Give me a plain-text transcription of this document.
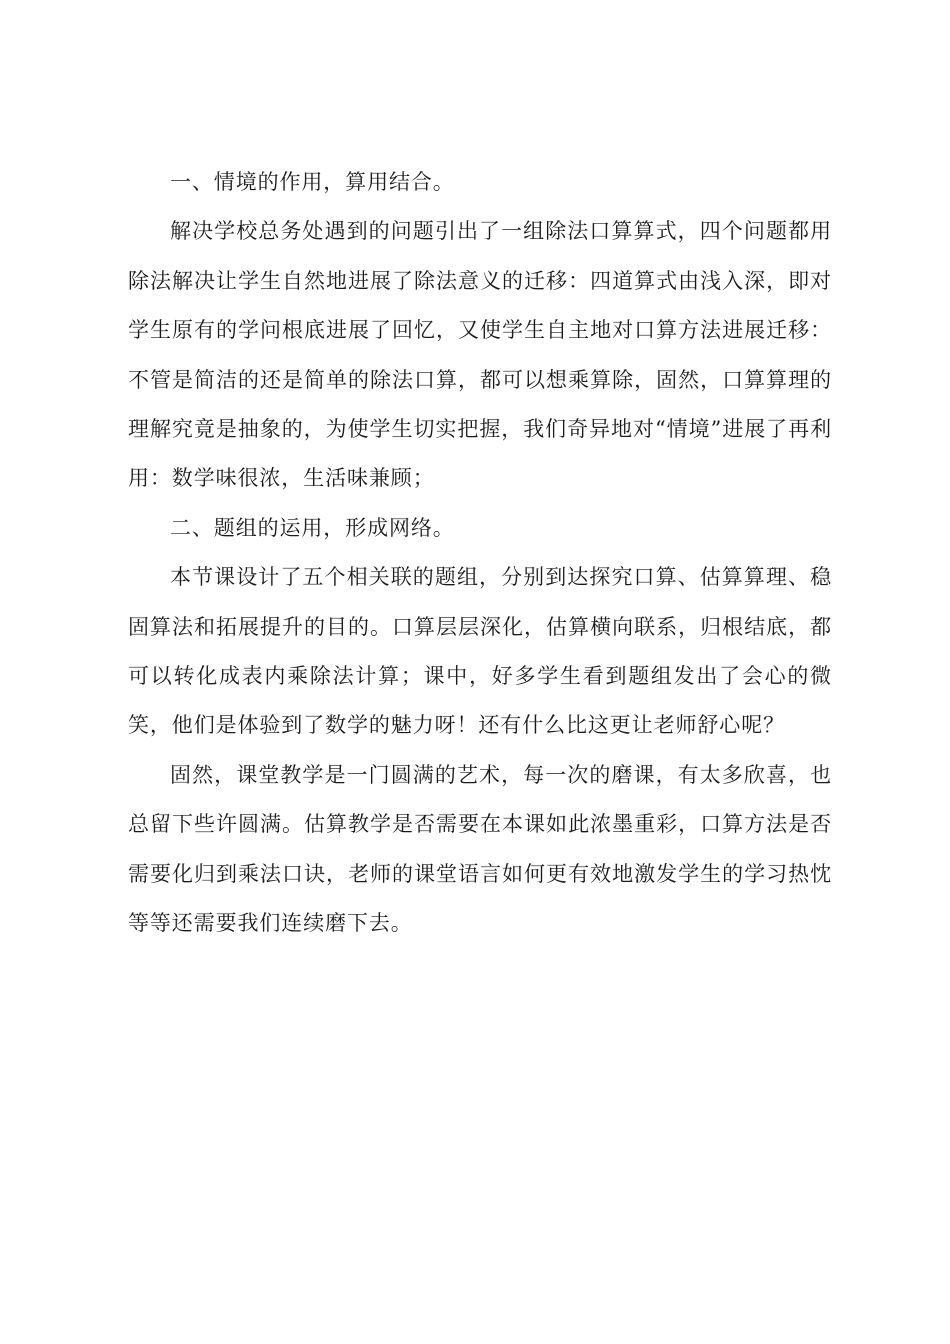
一、情境的作用，算用结合。

解决学校总务处遇到的问题引出了一组除法口算算式，四个问题都用除法解决让学生自然地进展了除法意义的迁移：四道算式由浅入深，即对学生原有的学问根底进展了回忆，又使学生自主地对口算方法进展迁移：不管是简洁的还是简单的除法口算，都可以想乘算除，固然，口算算理的理解究竟是抽象的，为使学生切实把握，我们奇异地对“情境”进展了再利用：数学味很浓，生活味兼顾；

二、题组的运用，形成网络。

本节课设计了五个相关联的题组，分别到达探究口算、估算算理、稳固算法和拓展提升的目的。口算层层深化，估算横向联系，归根结底，都可以转化成表内乘除法计算；课中，好多学生看到题组发出了会心的微笑，他们是体验到了数学的魅力呀！还有什么比这更让老师舒心呢？

固然，课堂教学是一门圆满的艺术，每一次的磨课，有太多欣喜，也总留下些许圆满。估算教学是否需要在本课如此浓墨重彩，口算方法是否需要化归到乘法口诀，老师的课堂语言如何更有效地激发学生的学习热忱等等还需要我们连续磨下去。
